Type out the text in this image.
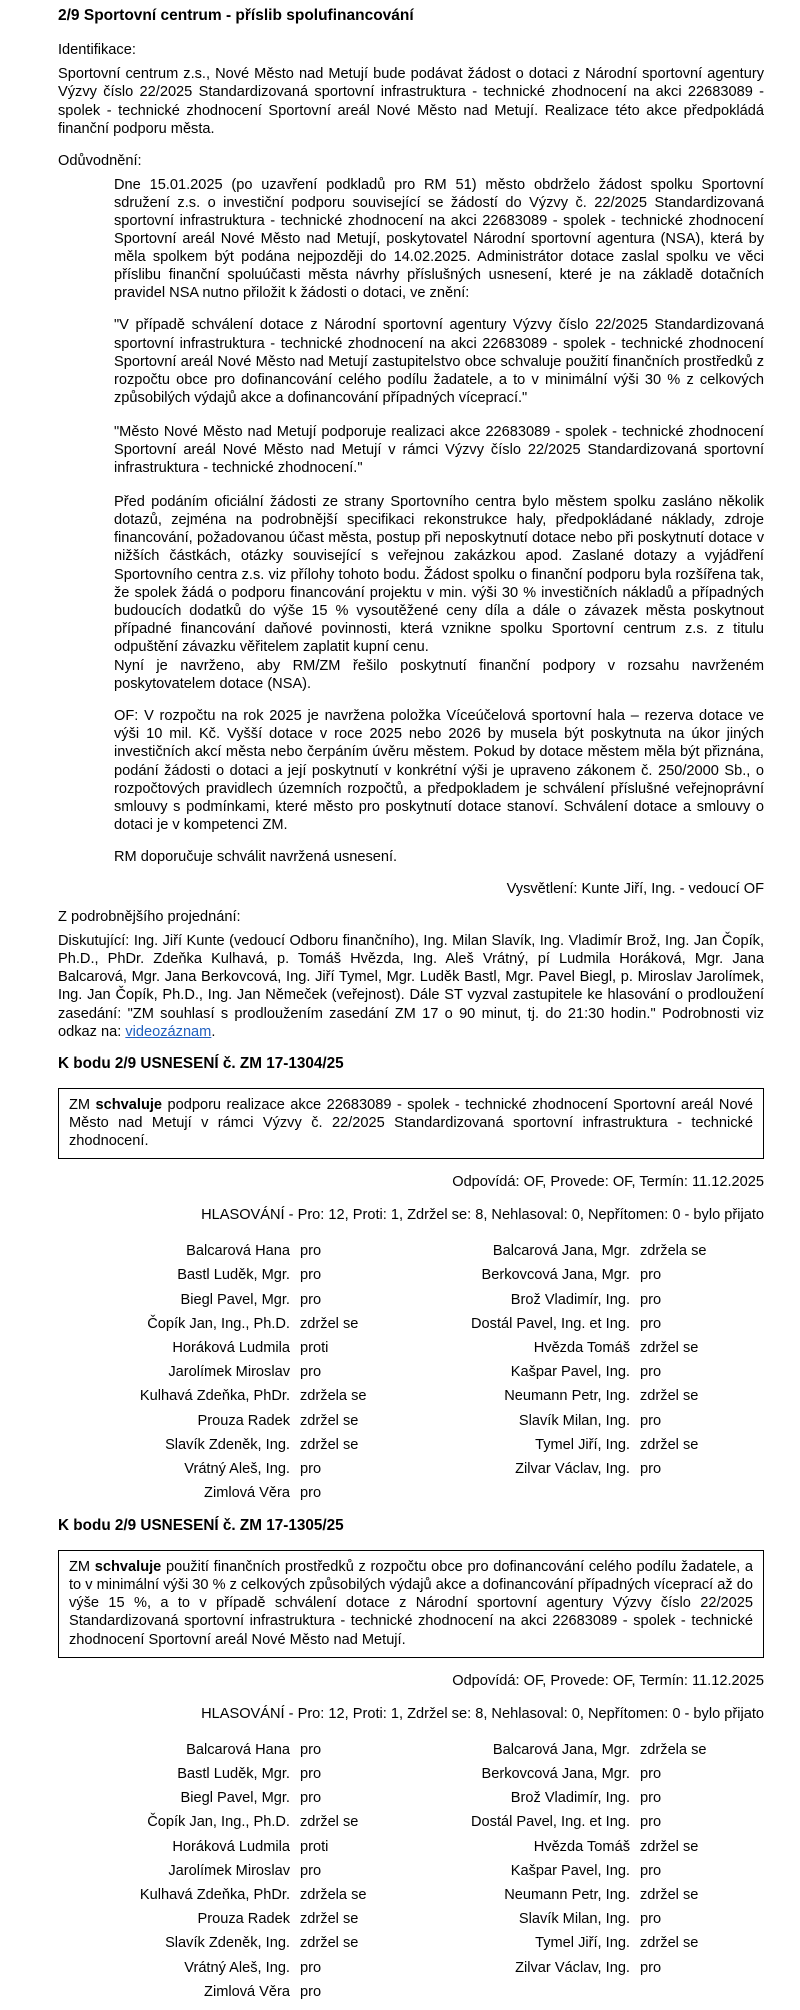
2/9 Sportovní centrum - příslib spolufinancování
Identifikace:
Sportovní centrum z.s., Nové Město nad Metují bude podávat žádost o dotaci z Národní sportovní agentury Výzvy číslo 22/2025 Standardizovaná sportovní infrastruktura - technické zhodnocení na akci 22683089 - spolek - technické zhodnocení Sportovní areál Nové Město nad Metují. Realizace této akce předpokládá finanční podporu města.
Odůvodnění:
Dne 15.01.2025 (po uzavření podkladů pro RM 51) město obdrželo žádost spolku Sportovní sdružení z.s. o investiční podporu související se žádostí do Výzvy č. 22/2025 Standardizovaná sportovní infrastruktura - technické zhodnocení na akci 22683089 - spolek - technické zhodnocení Sportovní areál Nové Město nad Metují, poskytovatel Národní sportovní agentura (NSA), která by měla spolkem být podána nejpozději do 14.02.2025. Administrátor dotace zaslal spolku ve věci příslibu finanční spoluúčasti města návrhy příslušných usnesení, které je na základě dotačních pravidel NSA nutno přiložit k žádosti o dotaci, ve znění:
"V případě schválení dotace z Národní sportovní agentury Výzvy číslo 22/2025 Standardizovaná sportovní infrastruktura - technické zhodnocení na akci 22683089 - spolek - technické zhodnocení Sportovní areál Nové Město nad Metují zastupitelstvo obce schvaluje použití finančních prostředků z rozpočtu obce pro dofinancování celého podílu žadatele, a to v minimální výši 30 % z celkových způsobilých výdajů akce a dofinancování případných víceprací."
"Město Nové Město nad Metují podporuje realizaci akce 22683089 - spolek - technické zhodnocení Sportovní areál Nové Město nad Metují v rámci Výzvy číslo 22/2025 Standardizovaná sportovní infrastruktura - technické zhodnocení."
Před podáním oficiální žádosti ze strany Sportovního centra bylo městem spolku zasláno několik dotazů, zejména na podrobnější specifikaci rekonstrukce haly, předpokládané náklady, zdroje financování, požadovanou účast města, postup při neposkytnutí dotace nebo při poskytnutí dotace v nižších částkách, otázky související s veřejnou zakázkou apod. Zaslané dotazy a vyjádření Sportovního centra z.s. viz přílohy tohoto bodu. Žádost spolku o finanční podporu byla rozšířena tak, že spolek žádá o podporu financování projektu v min. výši 30 % investičních nákladů a případných budoucích dodatků do výše 15 % vysoutěžené ceny díla a dále o závazek města poskytnout případné financování daňové povinnosti, která vznikne spolku Sportovní centrum z.s. z titulu odpuštění závazku věřitelem zaplatit kupní cenu.
Nyní je navrženo, aby RM/ZM řešilo poskytnutí finanční podpory v rozsahu navrženém poskytovatelem dotace (NSA).
OF: V rozpočtu na rok 2025 je navržena položka Víceúčelová sportovní hala – rezerva dotace ve výši 10 mil. Kč. Vyšší dotace v roce 2025 nebo 2026 by musela být poskytnuta na úkor jiných investičních akcí města nebo čerpáním úvěru městem. Pokud by dotace městem měla být přiznána, podání žádosti o dotaci a její poskytnutí v konkrétní výši je upraveno zákonem č. 250/2000 Sb., o rozpočtových pravidlech územních rozpočtů, a předpokladem je schválení příslušné veřejnoprávní smlouvy s podmínkami, které město pro poskytnutí dotace stanoví. Schválení dotace a smlouvy o dotaci je v kompetenci ZM.
RM doporučuje schválit navržená usnesení.
Vysvětlení: Kunte Jiří, Ing. - vedoucí OF
Z podrobnějšího projednání:
Diskutující: Ing. Jiří Kunte (vedoucí Odboru finančního), Ing. Milan Slavík, Ing. Vladimír Brož, Ing. Jan Čopík, Ph.D., PhDr. Zdeňka Kulhavá, p. Tomáš Hvězda, Ing. Aleš Vrátný, pí Ludmila Horáková, Mgr. Jana Balcarová, Mgr. Jana Berkovcová, Ing. Jiří Tymel, Mgr. Luděk Bastl, Mgr. Pavel Biegl, p. Miroslav Jarolímek, Ing. Jan Čopík, Ph.D., Ing. Jan Němeček (veřejnost). Dále ST vyzval zastupitele ke hlasování o prodloužení zasedání: "ZM souhlasí s prodloužením zasedání ZM 17 o 90 minut, tj. do 21:30 hodin." Podrobnosti viz odkaz na: videozáznam.
K bodu 2/9 USNESENÍ č. ZM 17-1304/25
ZM schvaluje podporu realizace akce 22683089 - spolek - technické zhodnocení Sportovní areál Nové Město nad Metují v rámci Výzvy č. 22/2025 Standardizovaná sportovní infrastruktura - technické zhodnocení.
Odpovídá: OF, Provede: OF, Termín: 11.12.2025
HLASOVÁNÍ - Pro: 12, Proti: 1, Zdržel se: 8, Nehlasoval: 0, Nepřítomen: 0 - bylo přijato
Balcarová Hana pro
Bastl Luděk, Mgr. pro
Biegl Pavel, Mgr. pro
Čopík Jan, Ing., Ph.D. zdržel se
Horáková Ludmila proti
Jarolímek Miroslav pro
Kulhavá Zdeňka, PhDr. zdržela se
Prouza Radek zdržel se
Slavík Zdeněk, Ing. zdržel se
Vrátný Aleš, Ing. pro
Zimlová Věra pro
Balcarová Jana, Mgr. zdržela se
Berkovcová Jana, Mgr. pro
Brož Vladimír, Ing. pro
Dostál Pavel, Ing. et Ing. pro
Hvězda Tomáš zdržel se
Kašpar Pavel, Ing. pro
Neumann Petr, Ing. zdržel se
Slavík Milan, Ing. pro
Tymel Jiří, Ing. zdržel se
Zilvar Václav, Ing. pro
K bodu 2/9 USNESENÍ č. ZM 17-1305/25
ZM schvaluje použití finančních prostředků z rozpočtu obce pro dofinancování celého podílu žadatele, a to v minimální výši 30 % z celkových způsobilých výdajů akce a dofinancování případných víceprací až do výše 15 %, a to v případě schválení dotace z Národní sportovní agentury Výzvy číslo 22/2025 Standardizovaná sportovní infrastruktura - technické zhodnocení na akci 22683089 - spolek - technické zhodnocení Sportovní areál Nové Město nad Metují.
Odpovídá: OF, Provede: OF, Termín: 11.12.2025
HLASOVÁNÍ - Pro: 12, Proti: 1, Zdržel se: 8, Nehlasoval: 0, Nepřítomen: 0 - bylo přijato
Balcarová Hana pro
Bastl Luděk, Mgr. pro
Biegl Pavel, Mgr. pro
Čopík Jan, Ing., Ph.D. zdržel se
Horáková Ludmila proti
Jarolímek Miroslav pro
Kulhavá Zdeňka, PhDr. zdržela se
Prouza Radek zdržel se
Slavík Zdeněk, Ing. zdržel se
Vrátný Aleš, Ing. pro
Zimlová Věra pro
Balcarová Jana, Mgr. zdržela se
Berkovcová Jana, Mgr. pro
Brož Vladimír, Ing. pro
Dostál Pavel, Ing. et Ing. pro
Hvězda Tomáš zdržel se
Kašpar Pavel, Ing. pro
Neumann Petr, Ing. zdržel se
Slavík Milan, Ing. pro
Tymel Jiří, Ing. zdržel se
Zilvar Václav, Ing. pro
